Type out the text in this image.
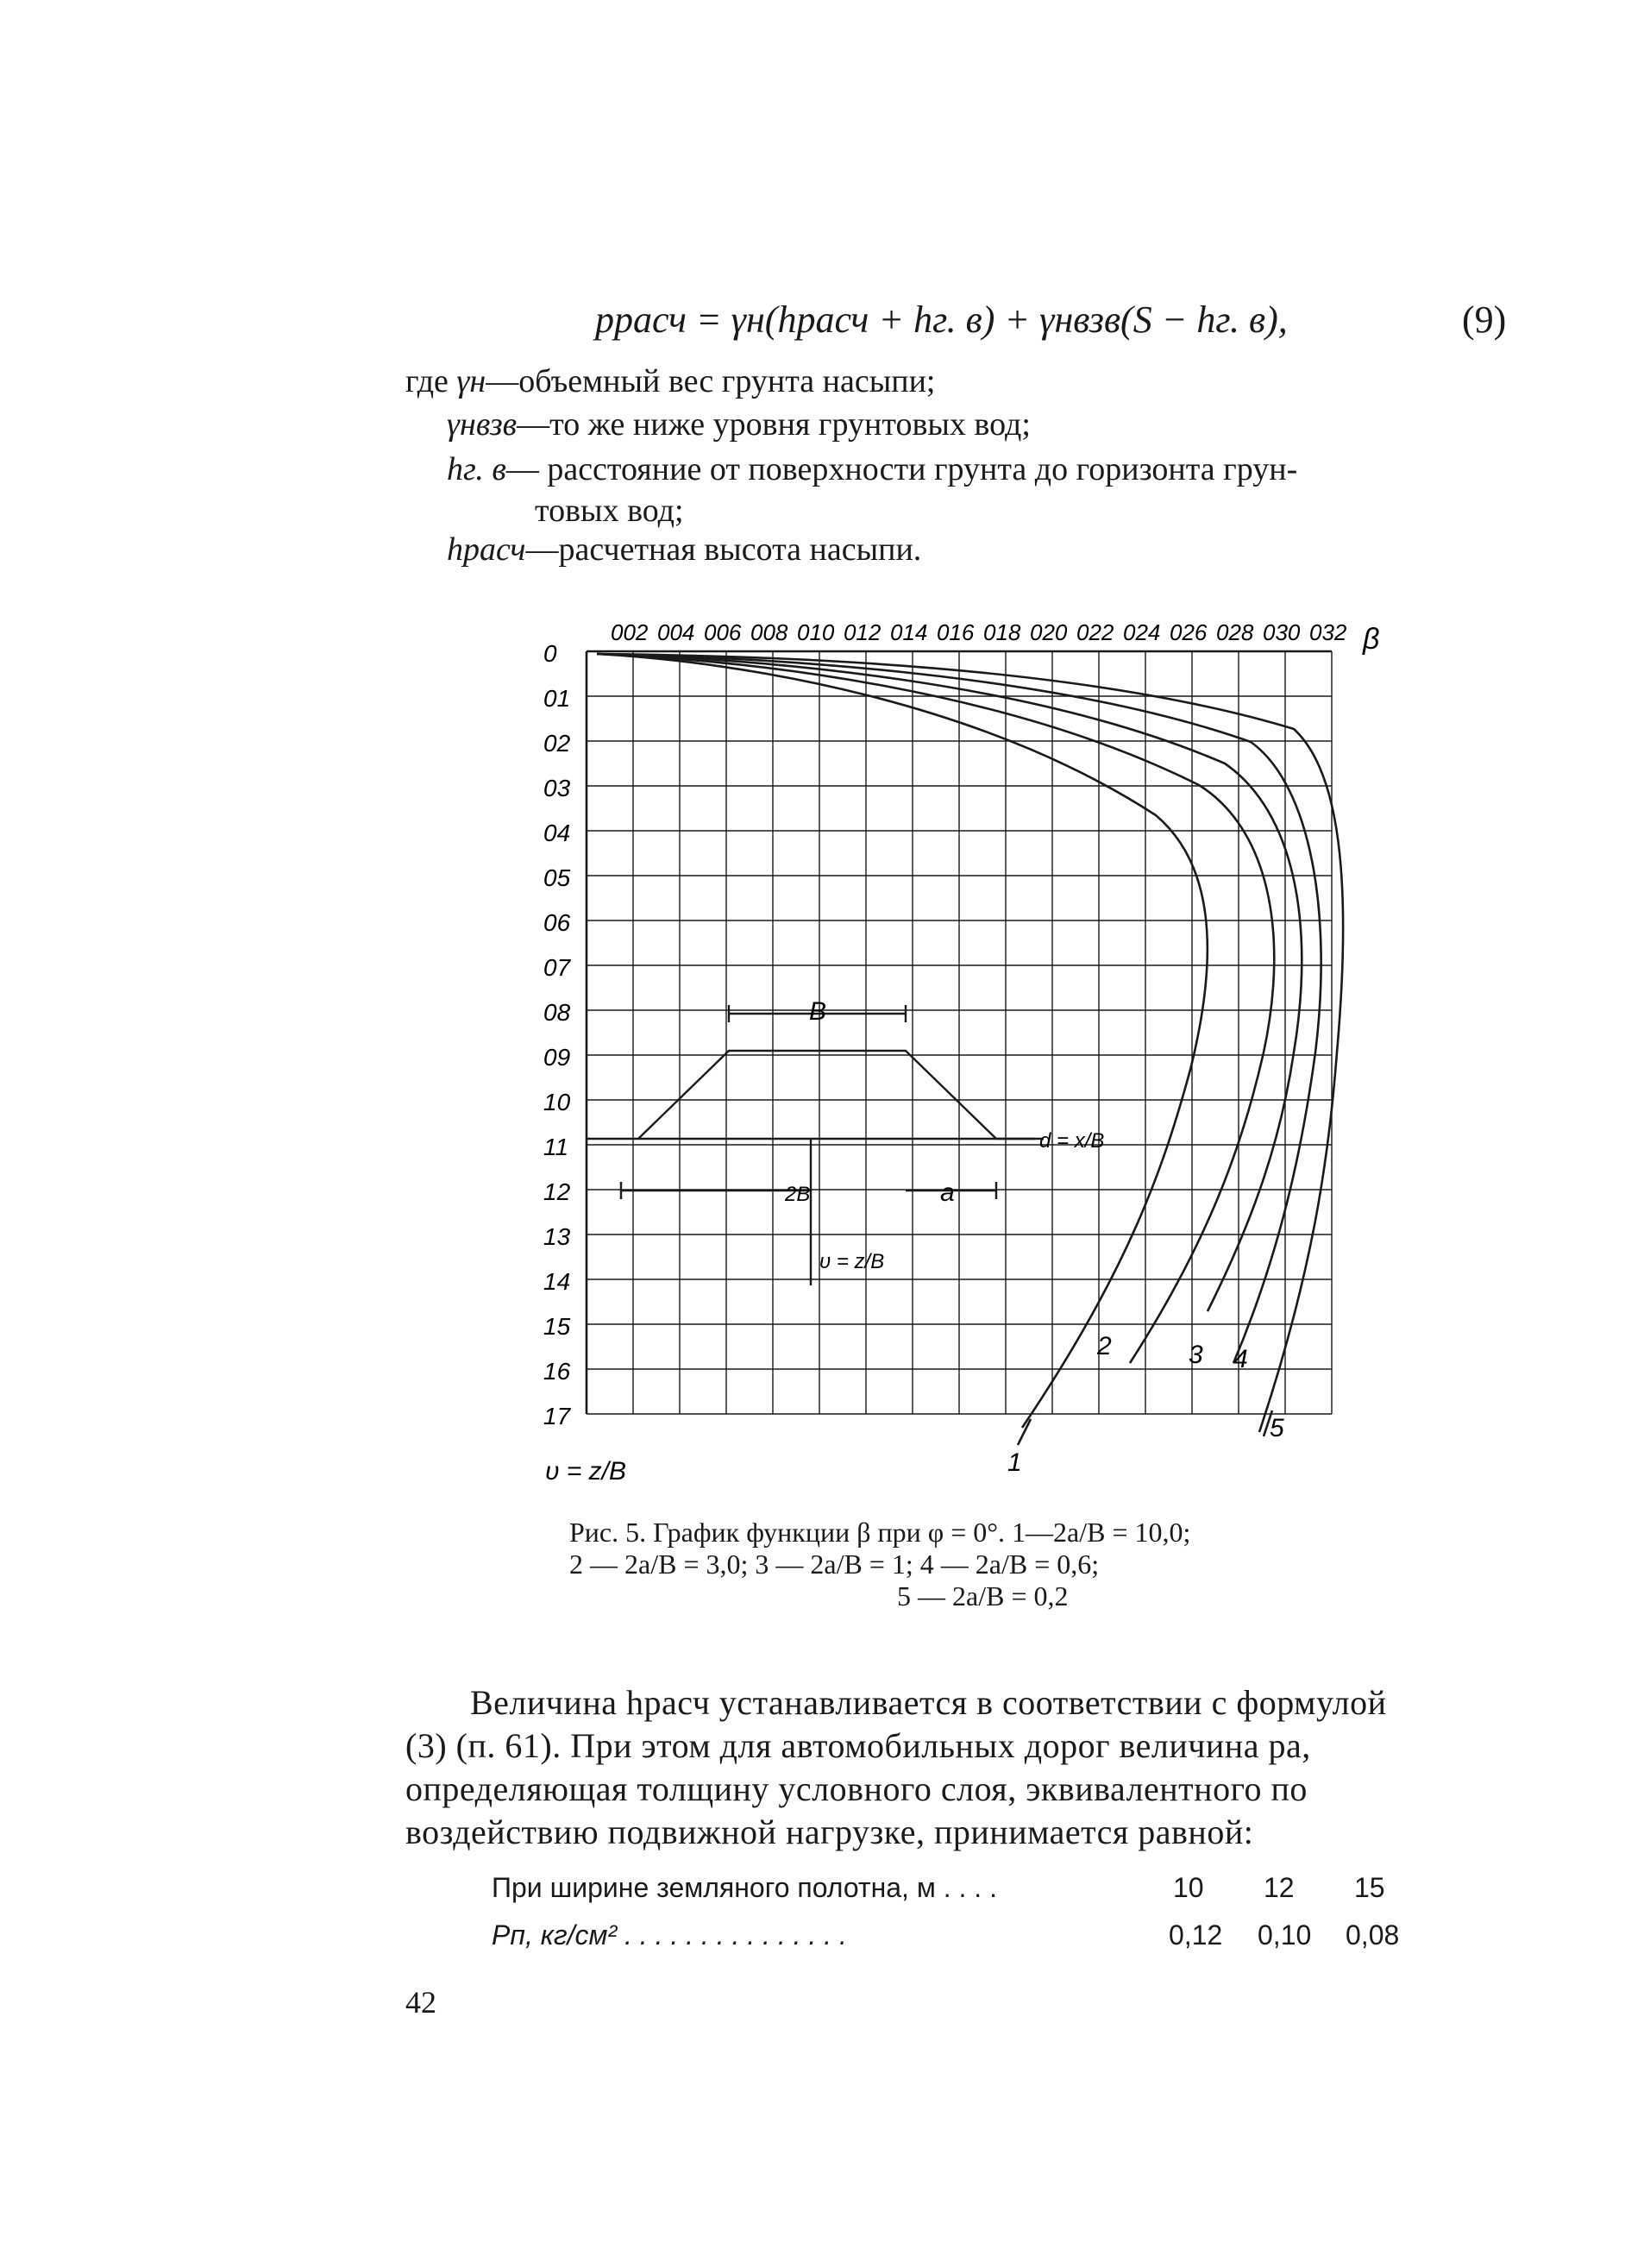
pрасч = γн(hрасч + hг. в) + γнвзв(S − hг. в),	(9)
где γн—объемный вес грунта насыпи;
γнвзв—то же ниже уровня грунтовых вод;
hг. в— расстояние от поверхности грунта до горизонта грун-
товых вод;
hрасч—расчетная высота насыпи.
002 004 006 008 010 012 014 016 018 020 022 024 026 028 030 032
0
01
02
03
04
05
06
07
08
09
10
11
12
13
14
15
16
17
β
υ = z/B	1
2	3 4
5
B
a
2B
d = x/B
υ = z/B
Рис. 5. График функции β при φ = 0°. 1—2a/B = 10,0;
2 — 2a/B = 3,0; 3 — 2a/B = 1; 4 — 2a/B = 0,6;
5 — 2a/B = 0,2
Величина hрасч устанавливается в соответствии с формулой
(3) (п. 61). При этом для автомобильных дорог величина pа,
определяющая толщину условного слоя, эквивалентного по
воздействию подвижной нагрузке, принимается равной:
При ширине земляного полотна, м . . . .	10 12 15
Pп, кг/см² . . . . . . . . . . . . . . .	0,12 0,10 0,08
42
